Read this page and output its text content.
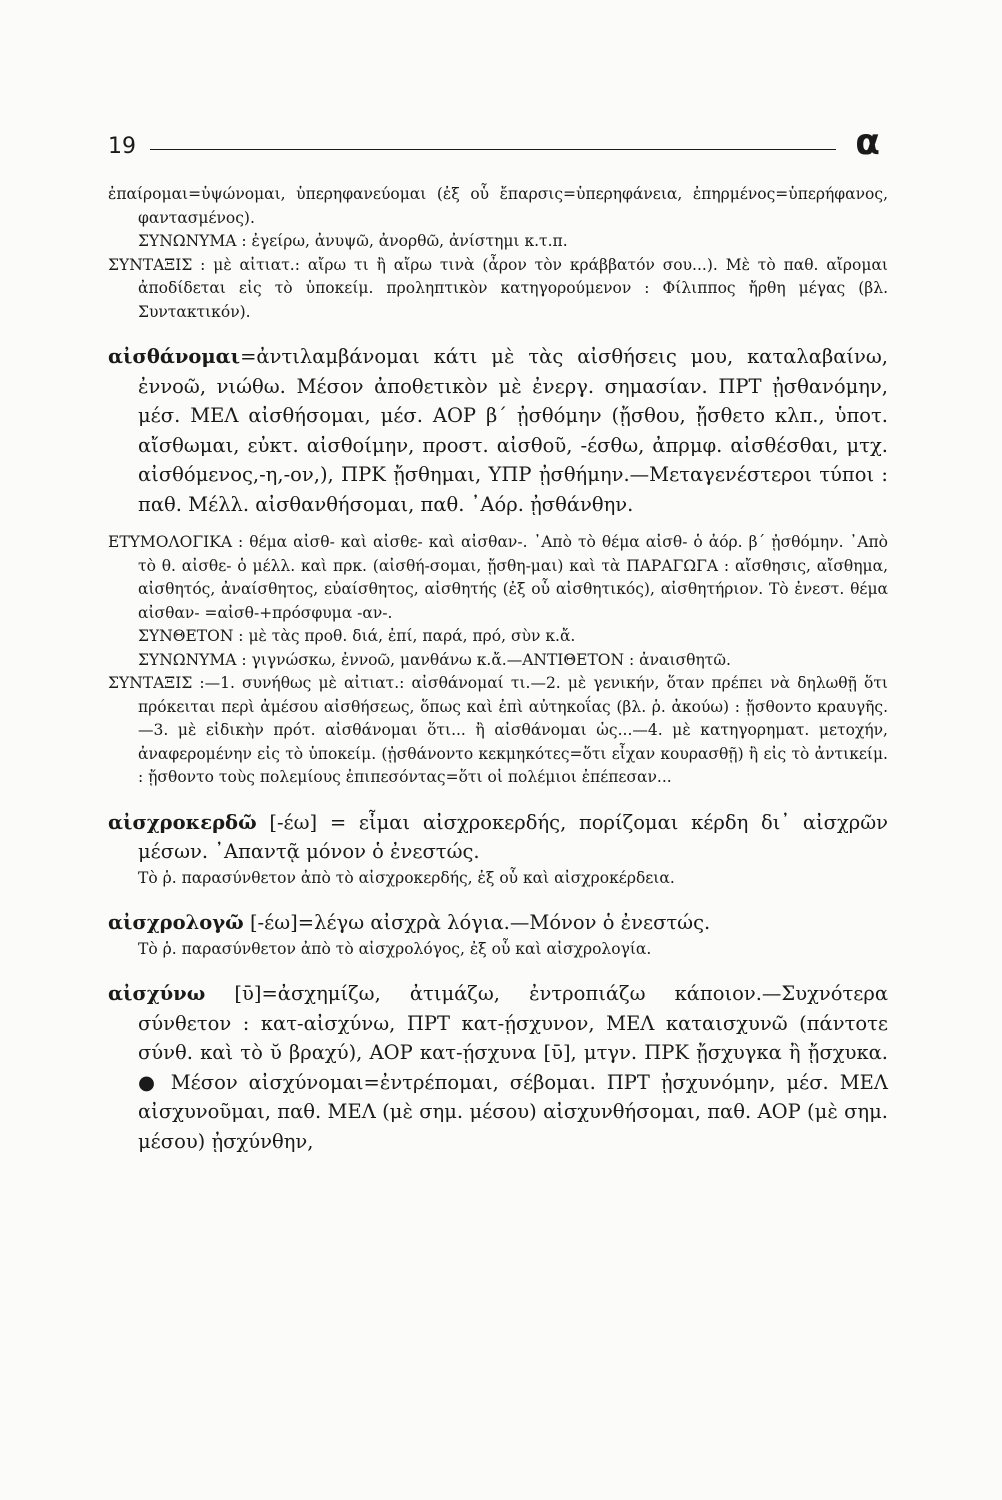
19	α

ἐπαίρομαι=ὑψώνομαι, ὑπερηφανεύομαι (ἐξ οὗ ἔπαρσις=ὑπερηφάνεια, ἐπηρμένος=ὑπερήφανος, φαντασμένος).

ΣΥΝΩΝΥΜΑ : ἐγείρω, ἀνυψῶ, ἀνορθῶ, ἀνίστημι κ.τ.π.

ΣΥΝΤΑΞΙΣ : μὲ αἰτιατ.: αἴρω τι ἢ αἴρω τινὰ (ἆρον τὸν κράββατόν σου...). Μὲ τὸ παθ. αἴρομαι ἀποδίδεται εἰς τὸ ὑποκείμ. προληπτικὸν κατηγορούμενον : Φίλιππος ἤρθη μέγας (βλ. Συντακτικόν).

αἰσθάνομαι=ἀντιλαμβάνομαι κάτι μὲ τὰς αἰσθήσεις μου, καταλαβαίνω, ἐννοῶ, νιώθω. Μέσον ἀποθετικὸν μὲ ἐνεργ. σημασίαν. ΠΡΤ ᾐσθανόμην, μέσ. ΜΕΛ αἰσθήσομαι, μέσ. ΑΟΡ β΄ ᾐσθόμην (ᾔσθου, ᾔσθετο κλπ., ὑποτ. αἴσθωμαι, εὐκτ. αἰσθοίμην, προστ. αἰσθοῦ, -έσθω, ἀπρμφ. αἰσθέσθαι, μτχ. αἰσθόμενος,-η,-ον,), ΠΡΚ ᾔσθημαι, ΥΠΡ ᾐσθήμην.—Μεταγενέστεροι τύποι : παθ. Μέλλ. αἰσθανθήσομαι, παθ. ᾿Αόρ. ᾐσθάνθην.

ΕΤΥΜΟΛΟΓΙΚΑ : θέμα αἰσθ- καὶ αἰσθε- καὶ αἰσθαν-. ᾿Απὸ τὸ θέμα αἰσθ- ὁ ἀόρ. β΄ ᾐσθόμην. ᾿Απὸ τὸ θ. αἰσθε- ὁ μέλλ. καὶ πρκ. (αἰσθή-σομαι, ᾔσθη-μαι) καὶ τὰ ΠΑΡΑΓΩΓΑ : αἴσθησις, αἴσθημα, αἰσθητός, ἀναίσθητος, εὐαίσθητος, αἰσθητής (ἐξ οὗ αἰσθητικός), αἰσθητήριον. Τὸ ἐνεστ. θέμα αἰσθαν- =αἰσθ-+πρόσφυμα -αν-.

ΣΥΝΘΕΤΟΝ : μὲ τὰς προθ. διά, ἐπί, παρά, πρό, σὺν κ.ἄ.

ΣΥΝΩΝΥΜΑ : γιγνώσκω, ἐννοῶ, μανθάνω κ.ἄ.—ΑΝΤΙΘΕΤΟΝ : ἀναισθητῶ.

ΣΥΝΤΑΞΙΣ :—1. συνήθως μὲ αἰτιατ.: αἰσθάνομαί τι.—2. μὲ γενικήν, ὅταν πρέπει νὰ δηλωθῇ ὅτι πρόκειται περὶ ἀμέσου αἰσθήσεως, ὅπως καὶ ἐπὶ αὐτηκοΐας (βλ. ῥ. ἀκούω) : ᾔσθοντο κραυγῆς.—3. μὲ εἰδικὴν πρότ. αἰσθάνομαι ὅτι... ἢ αἰσθάνομαι ὡς...—4. μὲ κατηγορηματ. μετοχήν, ἀναφερομένην εἰς τὸ ὑποκείμ. (ᾐσθάνοντο κεκμηκότες=ὅτι εἶχαν κουρασθῇ) ἢ εἰς τὸ ἀντικείμ. : ᾔσθοντο τοὺς πολεμίους ἐπιπεσόντας=ὅτι οἱ πολέμιοι ἐπέπεσαν...

αἰσχροκερδῶ [-έω] = εἶμαι αἰσχροκερδής, πορίζομαι κέρδη δι᾿ αἰσχρῶν μέσων. ᾿Απαντᾷ μόνον ὁ ἐνεστώς.

Τὸ ῥ. παρασύνθετον ἀπὸ τὸ αἰσχροκερδής, ἐξ οὗ καὶ αἰσχροκέρδεια.

αἰσχρολογῶ [-έω]=λέγω αἰσχρὰ λόγια.—Μόνον ὁ ἐνεστώς.

Τὸ ῥ. παρασύνθετον ἀπὸ τὸ αἰσχρολόγος, ἐξ οὗ καὶ αἰσχρολογία.

αἰσχύνω [ῡ]=ἀσχημίζω, ἀτιμάζω, ἐντροπιάζω κάποιον.—Συχνότερα σύνθετον : κατ-αἰσχύνω, ΠΡΤ κατ-ῄσχυνον, ΜΕΛ καταισχυνῶ (πάντοτε σύνθ. καὶ τὸ ῠ βραχύ), ΑΟΡ κατ-ῄσχυνα [ῡ], μτγν. ΠΡΚ ᾔσχυγκα ἢ ᾔσχυκα. ● Μέσον αἰσχύνομαι=ἐντρέπομαι, σέβομαι. ΠΡΤ ᾐσχυνόμην, μέσ. ΜΕΛ αἰσχυνοῦμαι, παθ. ΜΕΛ (μὲ σημ. μέσου) αἰσχυνθήσομαι, παθ. ΑΟΡ (μὲ σημ. μέσου) ᾐσχύνθην,
